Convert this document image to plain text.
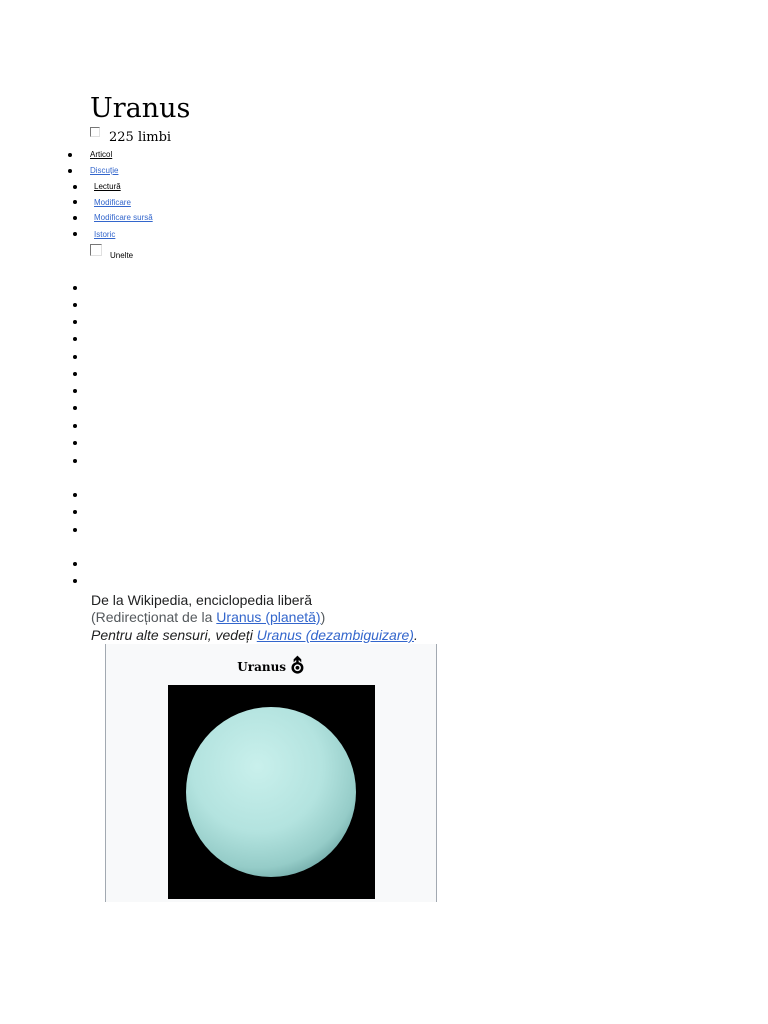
Uranus
225 limbi
Articol
Discuție
Lectură
Modificare
Modificare sursă
Istoric
Unelte
De la Wikipedia, enciclopedia liberă
(Redirecționat de la Uranus (planetă))
Pentru alte sensuri, vedeți Uranus (dezambiguizare).
Uranus ⛢
